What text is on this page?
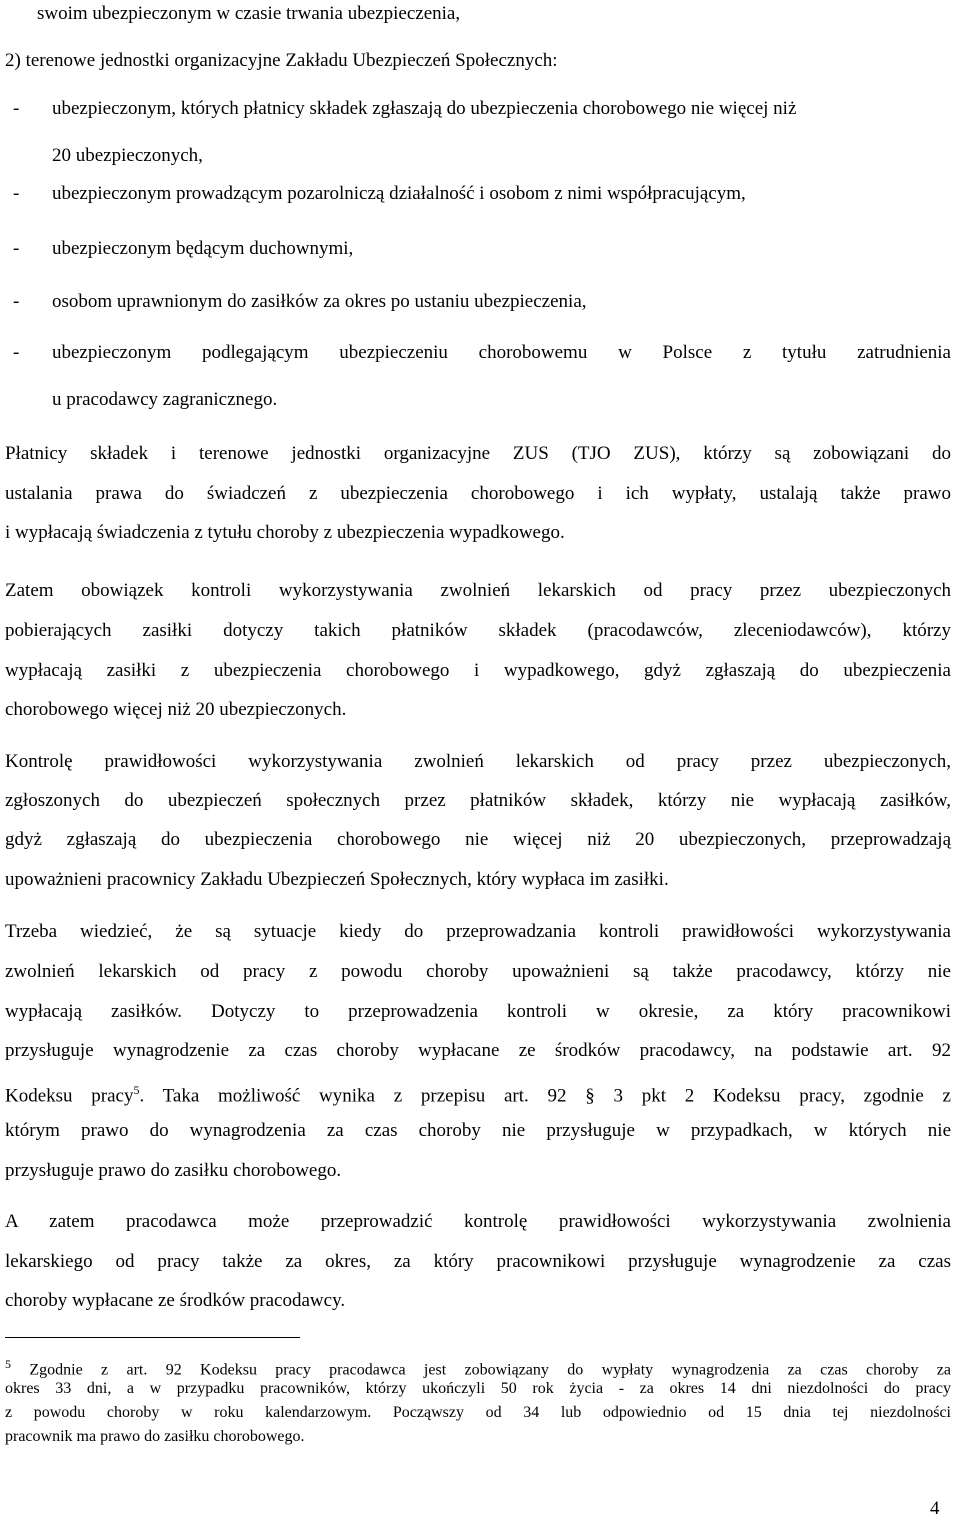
swoim ubezpieczonym w czasie trwania ubezpieczenia,
2) terenowe jednostki organizacyjne Zakładu Ubezpieczeń Społecznych:
- ubezpieczonym, których płatnicy składek zgłaszają do ubezpieczenia chorobowego nie więcej niż
20 ubezpieczonych,
- ubezpieczonym prowadzącym pozarolniczą działalność i osobom z nimi współpracującym,
- ubezpieczonym będącym duchownymi,
- osobom uprawnionym do zasiłków za okres po ustaniu ubezpieczenia,
- ubezpieczonym podlegającym ubezpieczeniu chorobowemu w Polsce z tytułu zatrudnienia
u pracodawcy zagranicznego.
Płatnicy składek i terenowe jednostki organizacyjne ZUS (TJO ZUS), którzy są zobowiązani do
ustalania prawa do świadczeń z ubezpieczenia chorobowego i ich wypłaty, ustalają także prawo
i wypłacają świadczenia z tytułu choroby z ubezpieczenia wypadkowego.
Zatem obowiązek kontroli wykorzystywania zwolnień lekarskich od pracy przez ubezpieczonych
pobierających zasiłki dotyczy takich płatników składek (pracodawców, zleceniodawców), którzy
wypłacają zasiłki z ubezpieczenia chorobowego i wypadkowego, gdyż zgłaszają do ubezpieczenia
chorobowego więcej niż 20 ubezpieczonych.
Kontrolę prawidłowości wykorzystywania zwolnień lekarskich od pracy przez ubezpieczonych,
zgłoszonych do ubezpieczeń społecznych przez płatników składek, którzy nie wypłacają zasiłków,
gdyż zgłaszają do ubezpieczenia chorobowego nie więcej niż 20 ubezpieczonych, przeprowadzają
upoważnieni pracownicy Zakładu Ubezpieczeń Społecznych, który wypłaca im zasiłki.
Trzeba wiedzieć, że są sytuacje kiedy do przeprowadzania kontroli prawidłowości wykorzystywania
zwolnień lekarskich od pracy z powodu choroby upoważnieni są także pracodawcy, którzy nie
wypłacają zasiłków. Dotyczy to przeprowadzenia kontroli w okresie, za który pracownikowi
przysługuje wynagrodzenie za czas choroby wypłacane ze środków pracodawcy, na podstawie art. 92
Kodeksu pracy$^5$. Taka możliwość wynika z przepisu art. 92 § 3 pkt 2 Kodeksu pracy, zgodnie z
którym prawo do wynagrodzenia za czas choroby nie przysługuje w przypadkach, w których nie
przysługuje prawo do zasiłku chorobowego.
A zatem pracodawca może przeprowadzić kontrolę prawidłowości wykorzystywania zwolnienia
lekarskiego od pracy także za okres, za który pracownikowi przysługuje wynagrodzenie za czas
choroby wypłacane ze środków pracodawcy.
$^5$ Zgodnie z art. 92 Kodeksu pracy pracodawca jest zobowiązany do wypłaty wynagrodzenia za czas choroby za
okres 33 dni, a w przypadku pracowników, którzy ukończyli 50 rok życia - za okres 14 dni niezdolności do pracy
z powodu choroby w roku kalendarzowym. Począwszy od 34 lub odpowiednio od 15 dnia tej niezdolności
pracownik ma prawo do zasiłku chorobowego.
4
